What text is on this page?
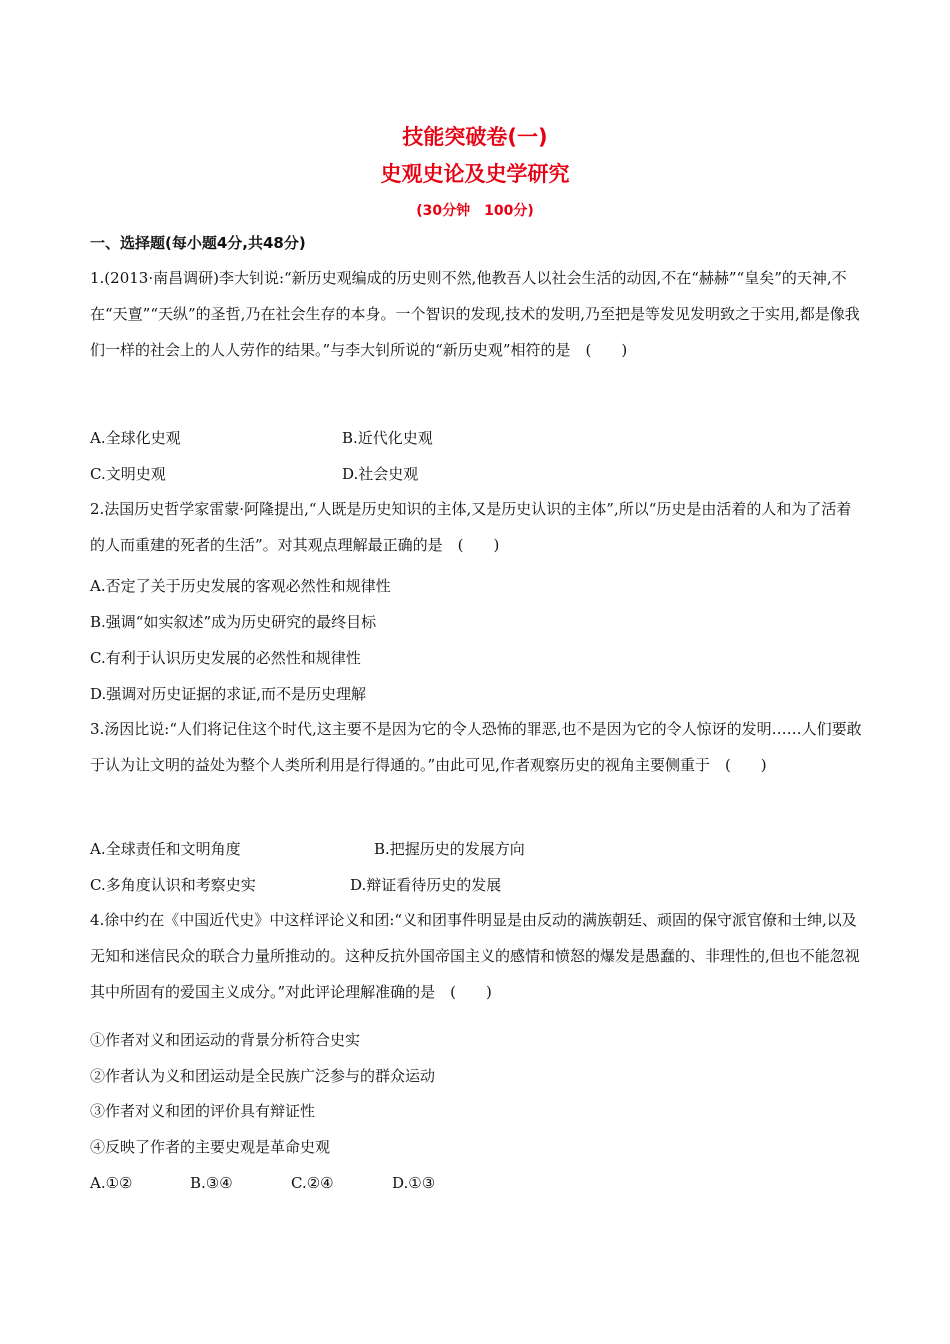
技能突破卷(一)
史观史论及史学研究
(30分钟　100分)
一、选择题(每小题4分,共48分)
1.(2013·南昌调研)李大钊说:“新历史观编成的历史则不然,他教吾人以社会生活的动因,不在“赫赫”“皇矣”的天神,不在“天亶”“天纵”的圣哲,乃在社会生存的本身。一个智识的发现,技术的发明,乃至把是等发见发明致之于实用,都是像我们一样的社会上的人人劳作的结果。”与李大钊所说的“新历史观”相符的是　(　　)
A.全球化史观	B.近代化史观
C.文明史观	D.社会史观
2.法国历史哲学家雷蒙·阿隆提出,“人既是历史知识的主体,又是历史认识的主体”,所以“历史是由活着的人和为了活着的人而重建的死者的生活”。对其观点理解最正确的是　(　　)
A.否定了关于历史发展的客观必然性和规律性
B.强调“如实叙述”成为历史研究的最终目标
C.有利于认识历史发展的必然性和规律性
D.强调对历史证据的求证,而不是历史理解
3.汤因比说:“人们将记住这个时代,这主要不是因为它的令人恐怖的罪恶,也不是因为它的令人惊讶的发明……人们要敢于认为让文明的益处为整个人类所利用是行得通的。”由此可见,作者观察历史的视角主要侧重于　(　　)
A.全球责任和文明角度	B.把握历史的发展方向
C.多角度认识和考察史实	D.辩证看待历史的发展
4.徐中约在《中国近代史》中这样评论义和团:“义和团事件明显是由反动的满族朝廷、顽固的保守派官僚和士绅,以及无知和迷信民众的联合力量所推动的。这种反抗外国帝国主义的感情和愤怒的爆发是愚蠢的、非理性的,但也不能忽视其中所固有的爱国主义成分。”对此评论理解准确的是　(　　)
①作者对义和团运动的背景分析符合史实
②作者认为义和团运动是全民族广泛参与的群众运动
③作者对义和团的评价具有辩证性
④反映了作者的主要史观是革命史观
A.①②	B.③④	C.②④	D.①③
